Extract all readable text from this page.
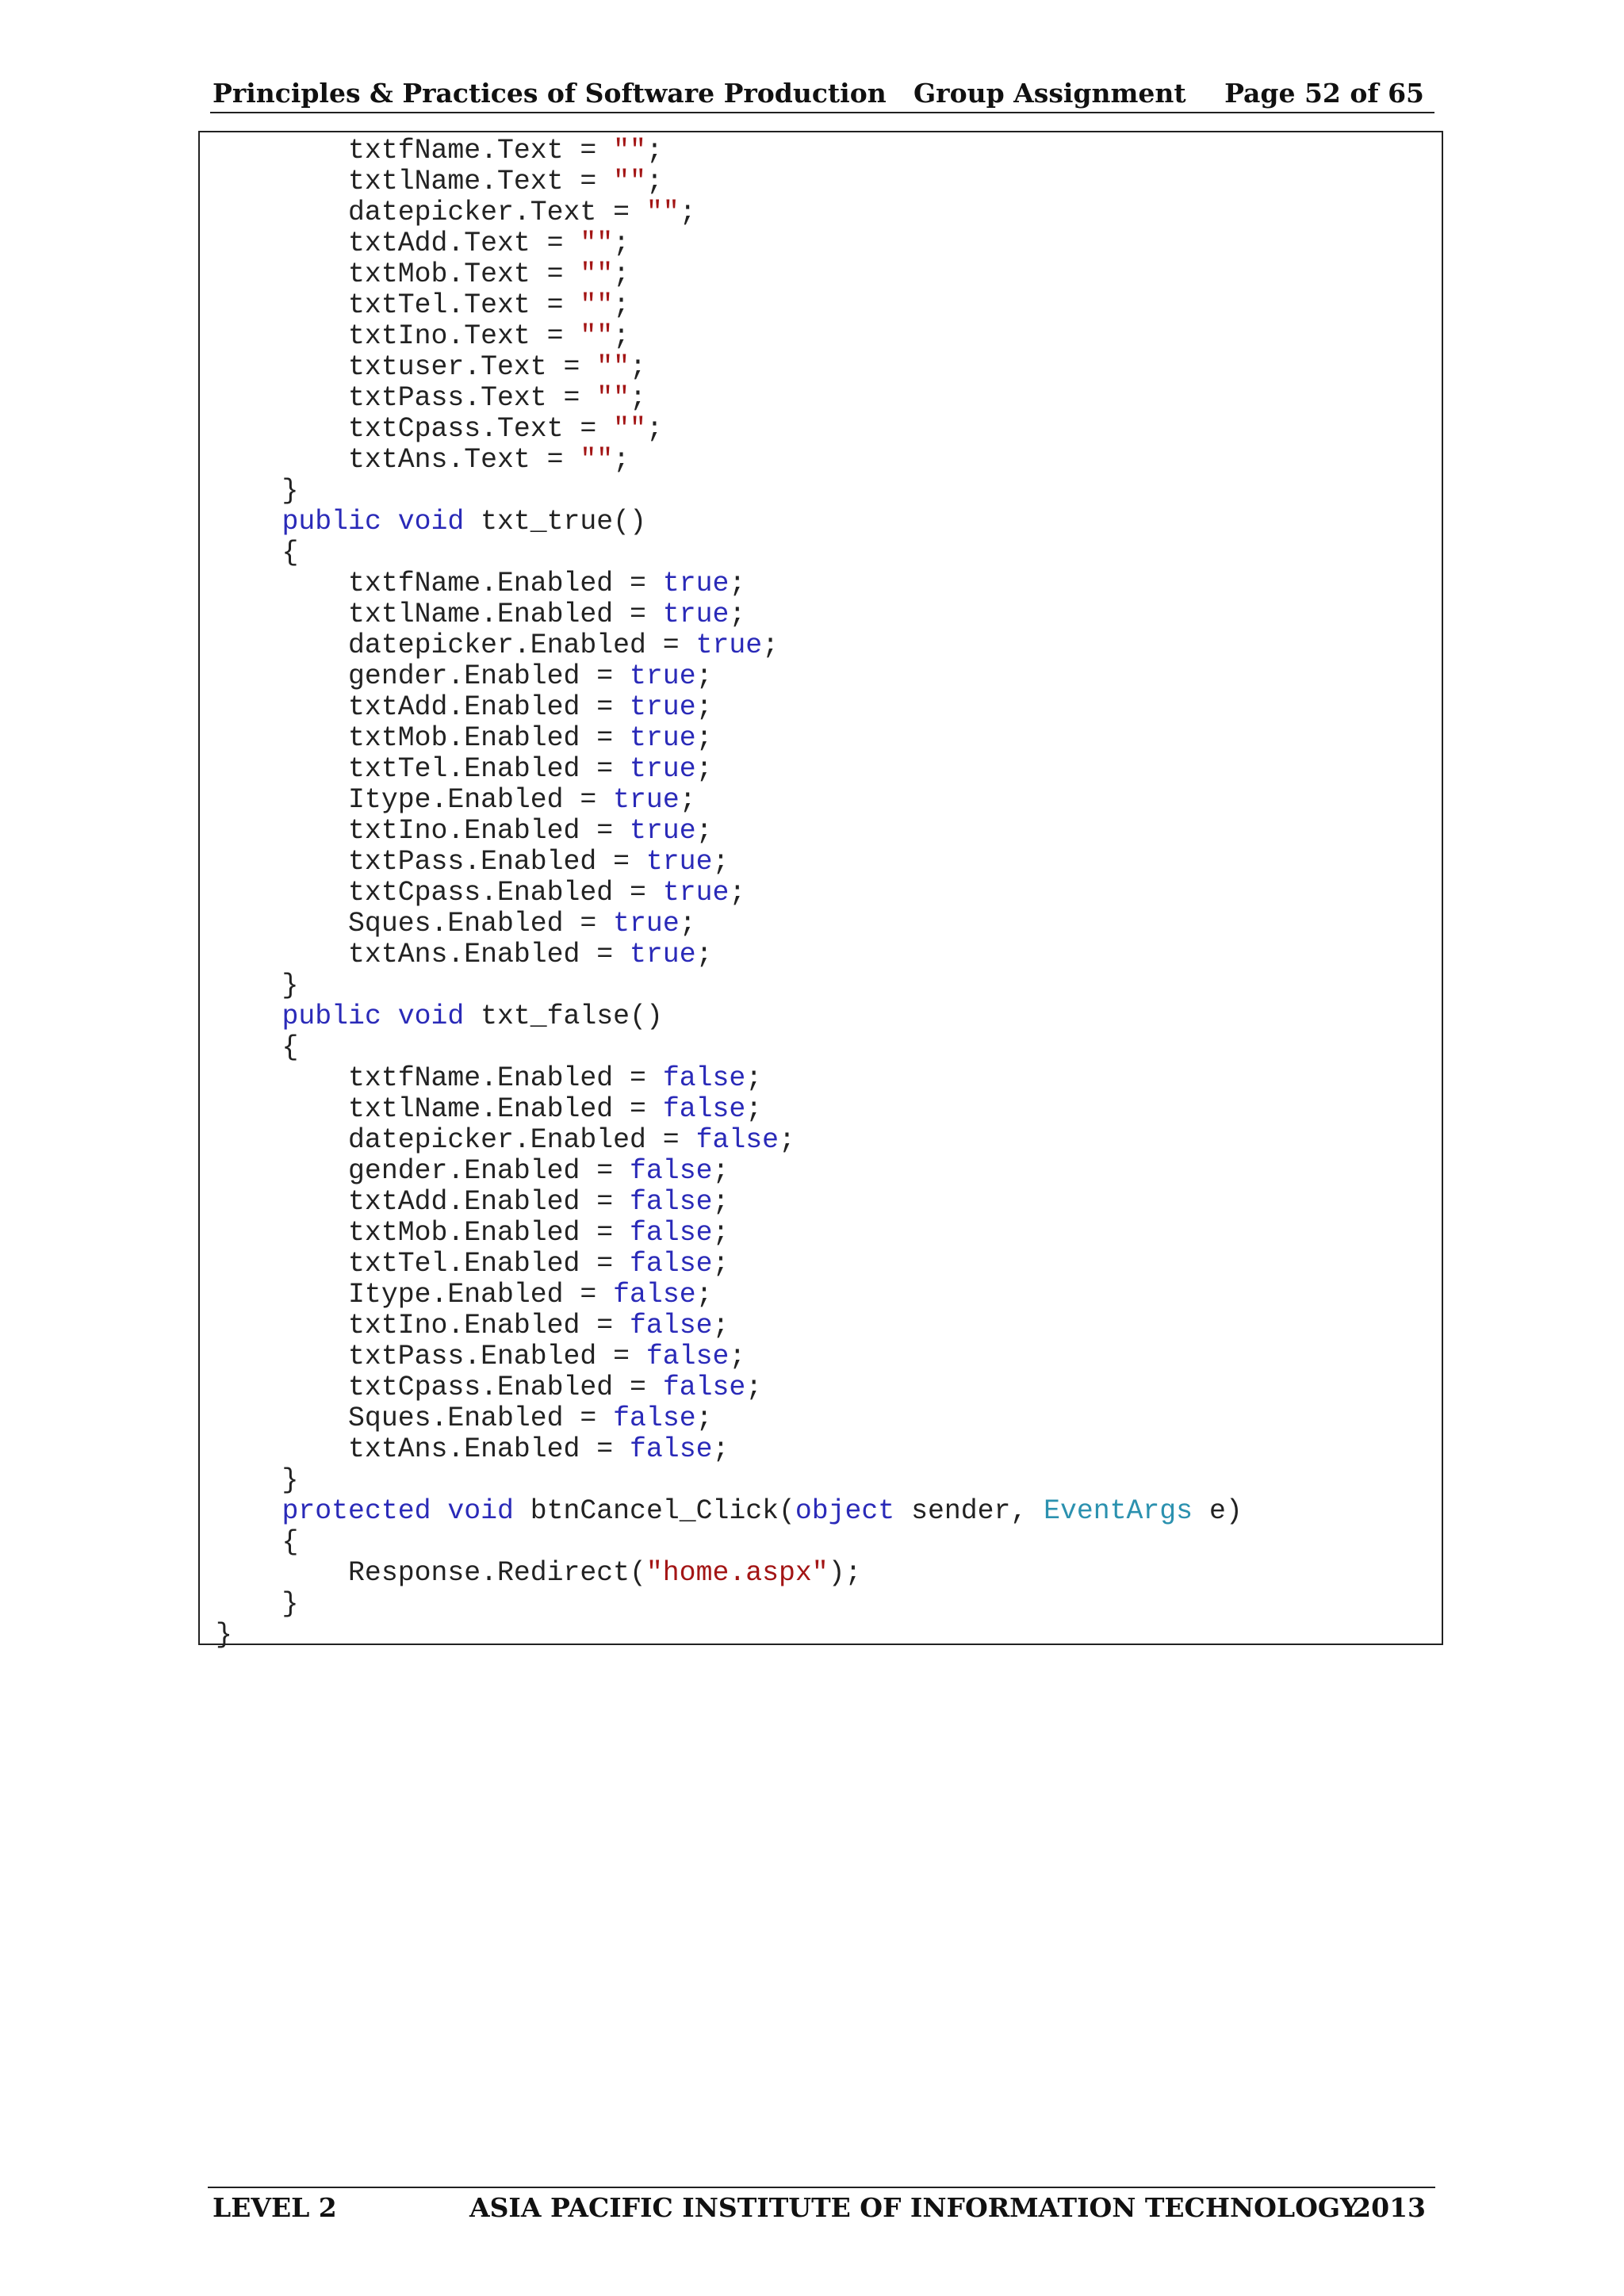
Principles & Practices of Software Production Group Assignment Page 52 of 65
txtfName.Text = "";
txtlName.Text = "";
datepicker.Text = "";
txtAdd.Text = "";
txtMob.Text = "";
txtTel.Text = "";
txtIno.Text = "";
txtuser.Text = "";
txtPass.Text = "";
txtCpass.Text = "";
txtAns.Text = "";
}
public void txt_true()
{
txtfName.Enabled = true;
txtlName.Enabled = true;
datepicker.Enabled = true;
gender.Enabled = true;
txtAdd.Enabled = true;
txtMob.Enabled = true;
txtTel.Enabled = true;
Itype.Enabled = true;
txtIno.Enabled = true;
txtPass.Enabled = true;
txtCpass.Enabled = true;
Sques.Enabled = true;
txtAns.Enabled = true;
}
public void txt_false()
{
txtfName.Enabled = false;
txtlName.Enabled = false;
datepicker.Enabled = false;
gender.Enabled = false;
txtAdd.Enabled = false;
txtMob.Enabled = false;
txtTel.Enabled = false;
Itype.Enabled = false;
txtIno.Enabled = false;
txtPass.Enabled = false;
txtCpass.Enabled = false;
Sques.Enabled = false;
txtAns.Enabled = false;
}
protected void btnCancel_Click(object sender, EventArgs e)
{
Response.Redirect("home.aspx");
}
}
LEVEL 2	ASIA PACIFIC INSTITUTE OF INFORMATION TECHNOLOGY
2013
